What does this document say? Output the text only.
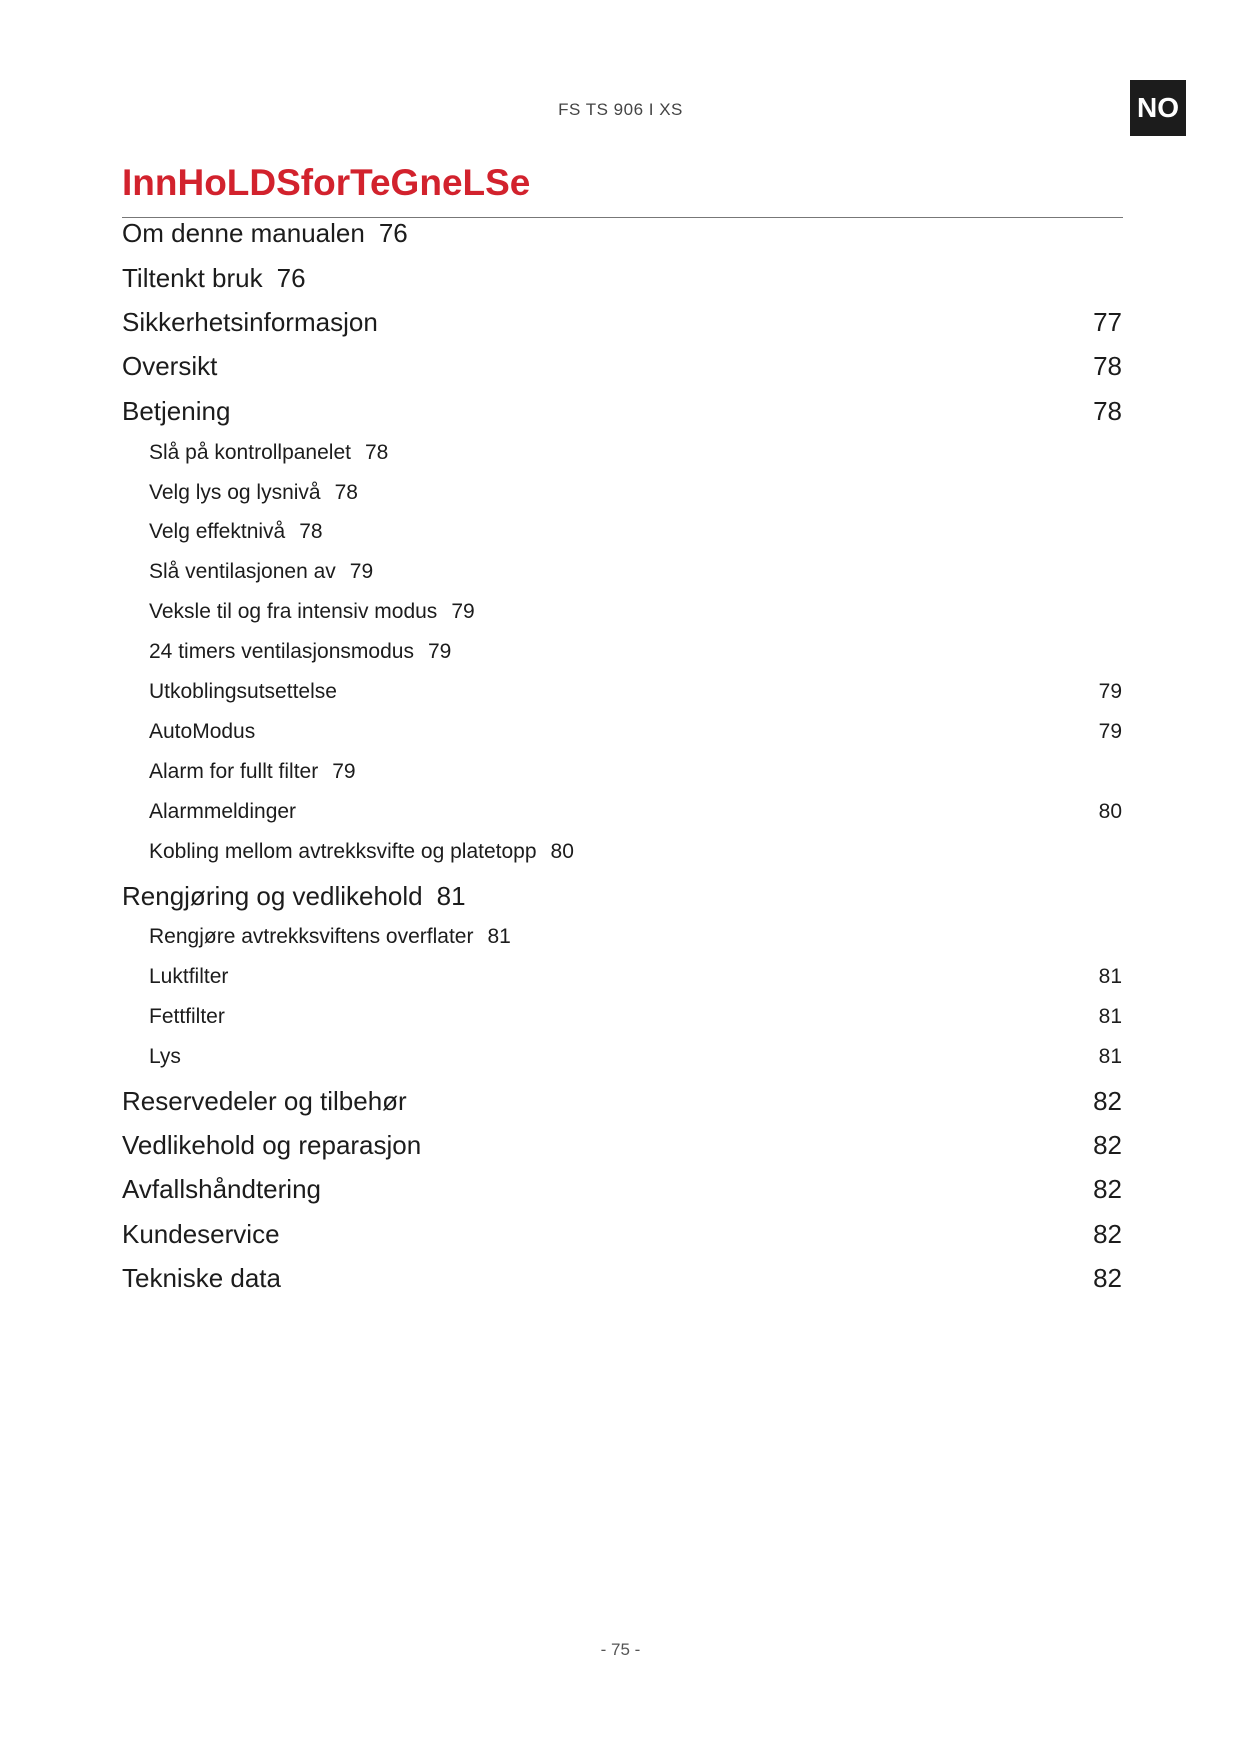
FS TS 906 I XS	NO
InnHoLDSforTeGneLSe
Om denne manualen 76
Tiltenkt bruk 76
Sikkerhetsinformasjon	77
Oversikt	78
Betjening	78
Slå på kontrollpanelet 78
Velg lys og lysnivå 78
Velg effektnivå 78
Slå ventilasjonen av 79
Veksle til og fra intensiv modus 79
24 timers ventilasjonsmodus 79
Utkoblingsutsettelse	79
AutoModus	79
Alarm for fullt filter 79
Alarmmeldinger	80
Kobling mellom avtrekksvifte og platetopp 80
Rengjøring og vedlikehold 81
Rengjøre avtrekksviftens overflater 81
Luktfilter	81
Fettfilter	81
Lys	81
Reservedeler og tilbehør	82
Vedlikehold og reparasjon	82
Avfallshåndtering	82
Kundeservice	82
Tekniske data	82
- 75 -
